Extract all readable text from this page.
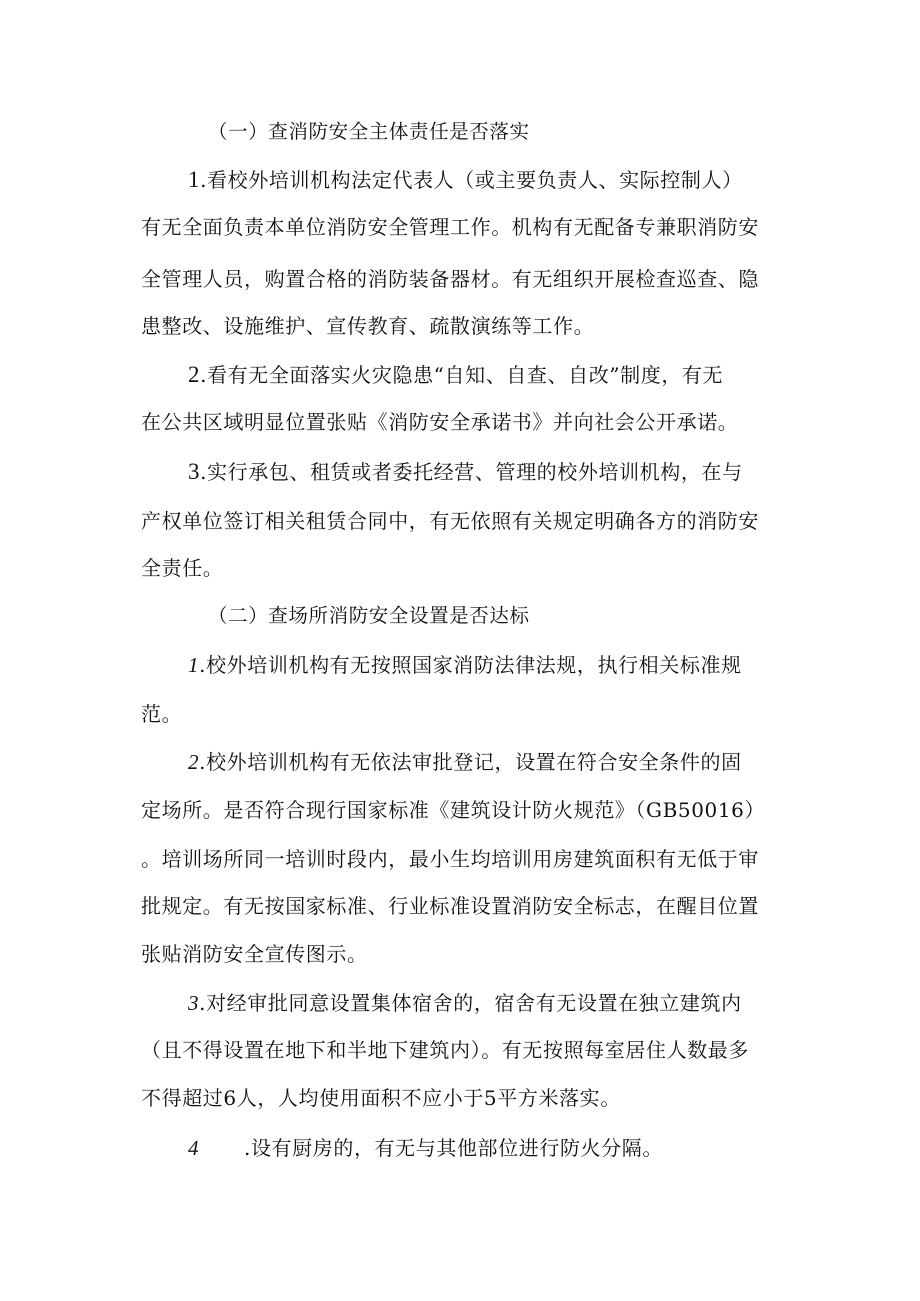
（一）查消防安全主体责任是否落实
1.看校外培训机构法定代表人（或主要负责人、实际控制人）
有无全面负责本单位消防安全管理工作。机构有无配备专兼职消防安
全管理人员，购置合格的消防装备器材。有无组织开展检查巡查、隐
患整改、设施维护、宣传教育、疏散演练等工作。
2.看有无全面落实火灾隐患“自知、自查、自改”制度，有无
在公共区域明显位置张贴《消防安全承诺书》并向社会公开承诺。
3.实行承包、租赁或者委托经营、管理的校外培训机构，在与
产权单位签订相关租赁合同中，有无依照有关规定明确各方的消防安
全责任。
（二）查场所消防安全设置是否达标
1.校外培训机构有无按照国家消防法律法规，执行相关标准规
范。
2.校外培训机构有无依法审批登记，设置在符合安全条件的固
定场所。是否符合现行国家标准《建筑设计防火规范》（GB50016）
。培训场所同一培训时段内，最小生均培训用房建筑面积有无低于审
批规定。有无按国家标准、行业标准设置消防安全标志，在醒目位置
张贴消防安全宣传图示。
3.对经审批同意设置集体宿舍的，宿舍有无设置在独立建筑内
（且不得设置在地下和半地下建筑内）。有无按照每室居住人数最多
不得超过6人，人均使用面积不应小于5平方米落实。
4 .设有厨房的，有无与其他部位进行防火分隔。
